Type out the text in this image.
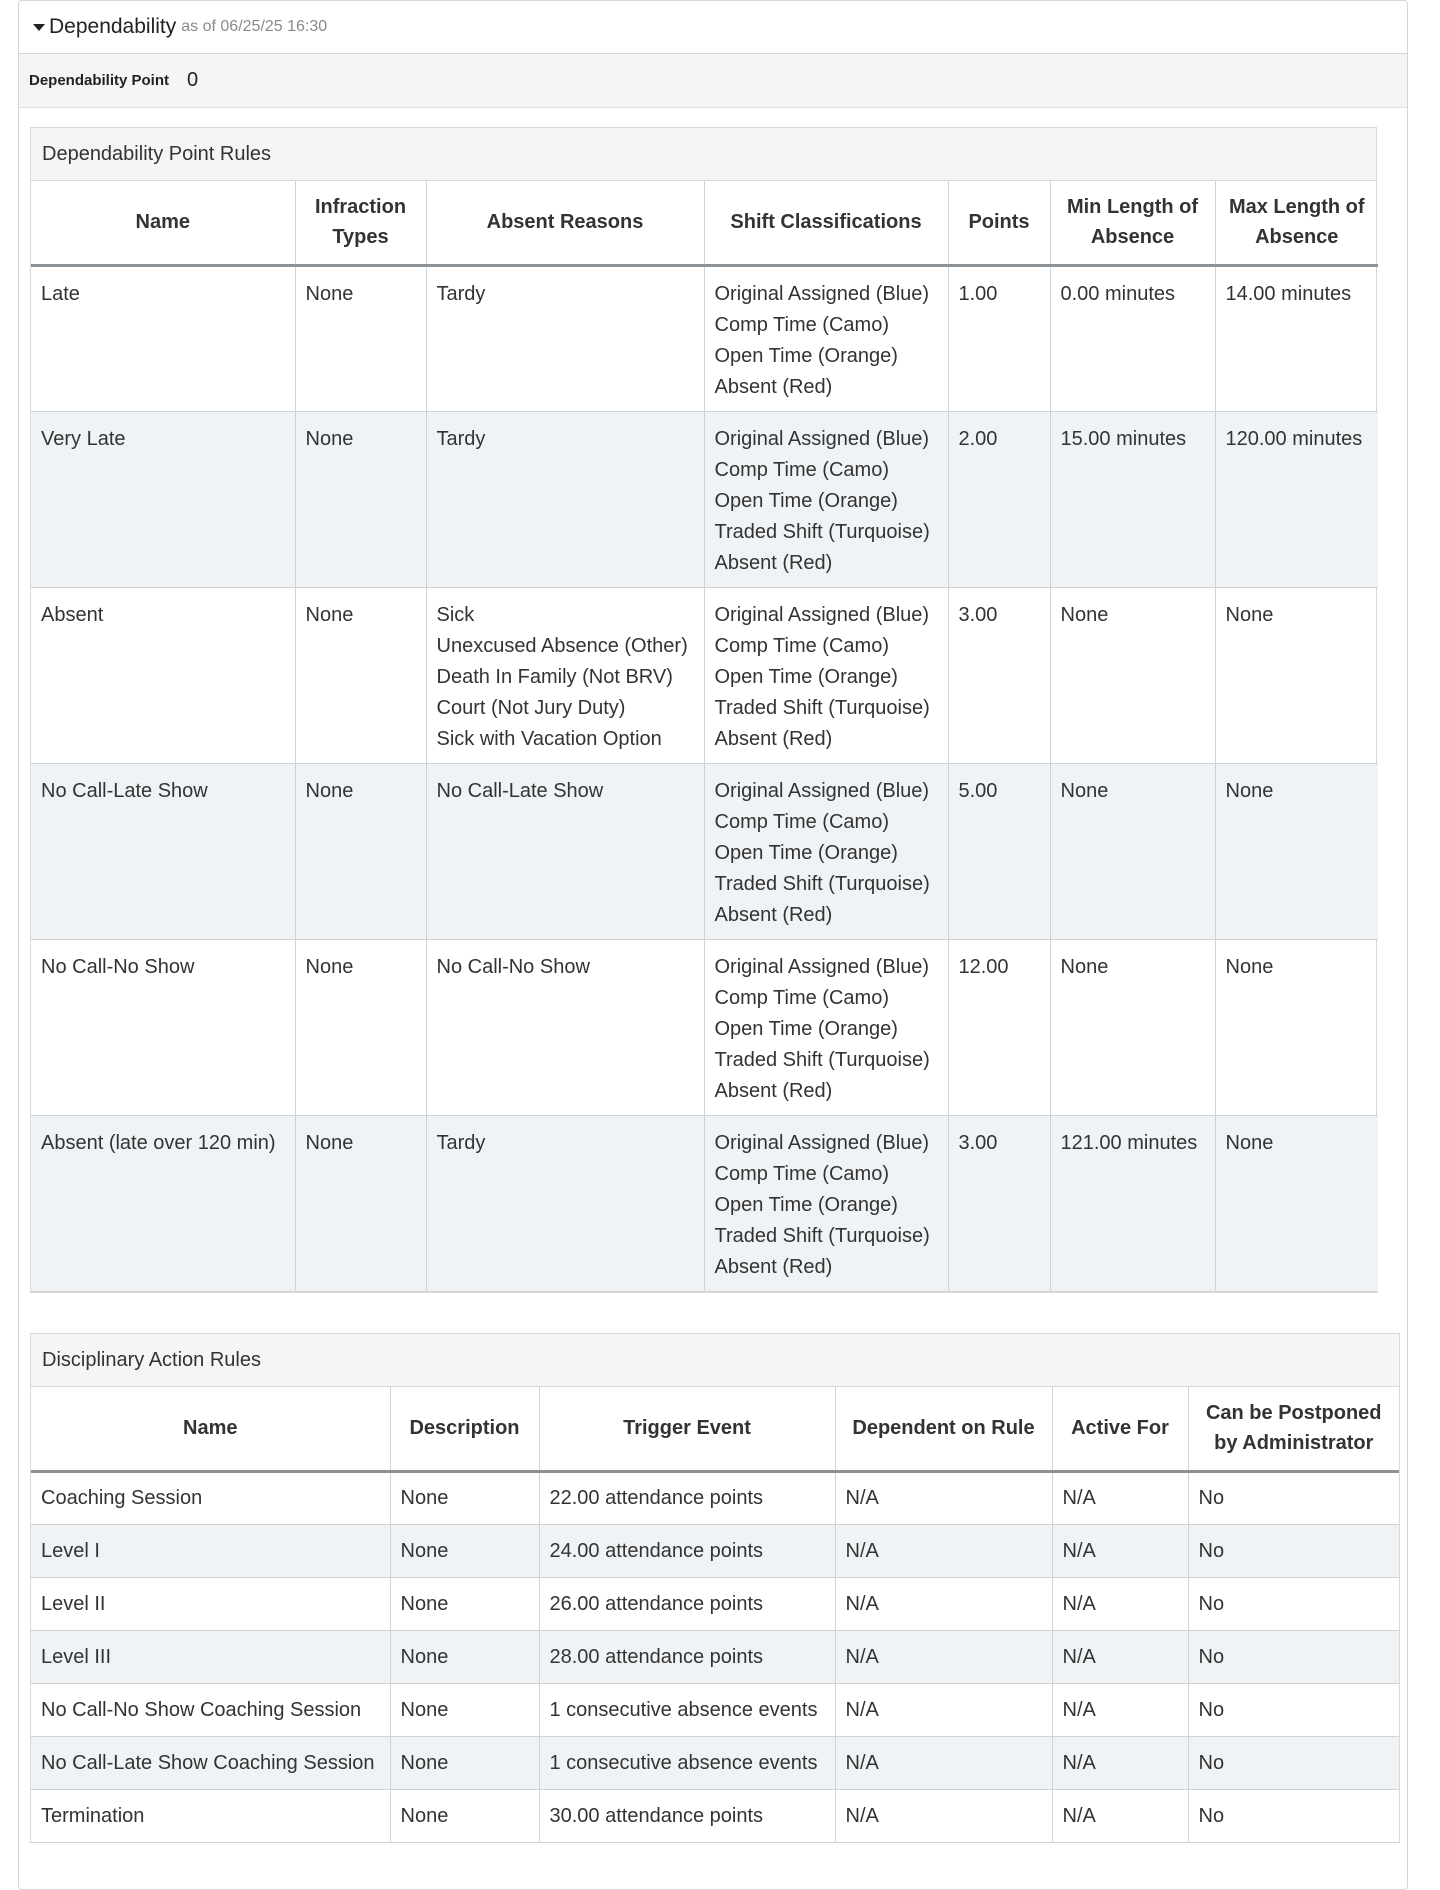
Dependability as of 06/25/25 16:30
Dependability Point 0
Dependability Point Rules
Name	Infraction Types	Absent Reasons	Shift Classifications	Points	Min Length of Absence	Max Length of Absence
Late	None	Tardy	Original Assigned (Blue)
Comp Time (Camo)
Open Time (Orange)
Absent (Red)	1.00	0.00 minutes	14.00 minutes
Very Late	None	Tardy	Original Assigned (Blue)
Comp Time (Camo)
Open Time (Orange)
Traded Shift (Turquoise)
Absent (Red)	2.00	15.00 minutes	120.00 minutes
Absent	None	Sick
Unexcused Absence (Other)
Death In Family (Not BRV)
Court (Not Jury Duty)
Sick with Vacation Option	Original Assigned (Blue)
Comp Time (Camo)
Open Time (Orange)
Traded Shift (Turquoise)
Absent (Red)	3.00	None	None
No Call-Late Show	None	No Call-Late Show	Original Assigned (Blue)
Comp Time (Camo)
Open Time (Orange)
Traded Shift (Turquoise)
Absent (Red)	5.00	None	None
No Call-No Show	None	No Call-No Show	Original Assigned (Blue)
Comp Time (Camo)
Open Time (Orange)
Traded Shift (Turquoise)
Absent (Red)	12.00	None	None
Absent (late over 120 min)	None	Tardy	Original Assigned (Blue)
Comp Time (Camo)
Open Time (Orange)
Traded Shift (Turquoise)
Absent (Red)	3.00	121.00 minutes	None
Disciplinary Action Rules
Name	Description	Trigger Event	Dependent on Rule	Active For	Can be Postponed by Administrator
Coaching Session	None	22.00 attendance points	N/A	N/A	No
Level I	None	24.00 attendance points	N/A	N/A	No
Level II	None	26.00 attendance points	N/A	N/A	No
Level III	None	28.00 attendance points	N/A	N/A	No
No Call-No Show Coaching Session	None	1 consecutive absence events	N/A	N/A	No
No Call-Late Show Coaching Session	None	1 consecutive absence events	N/A	N/A	No
Termination	None	30.00 attendance points	N/A	N/A	No
